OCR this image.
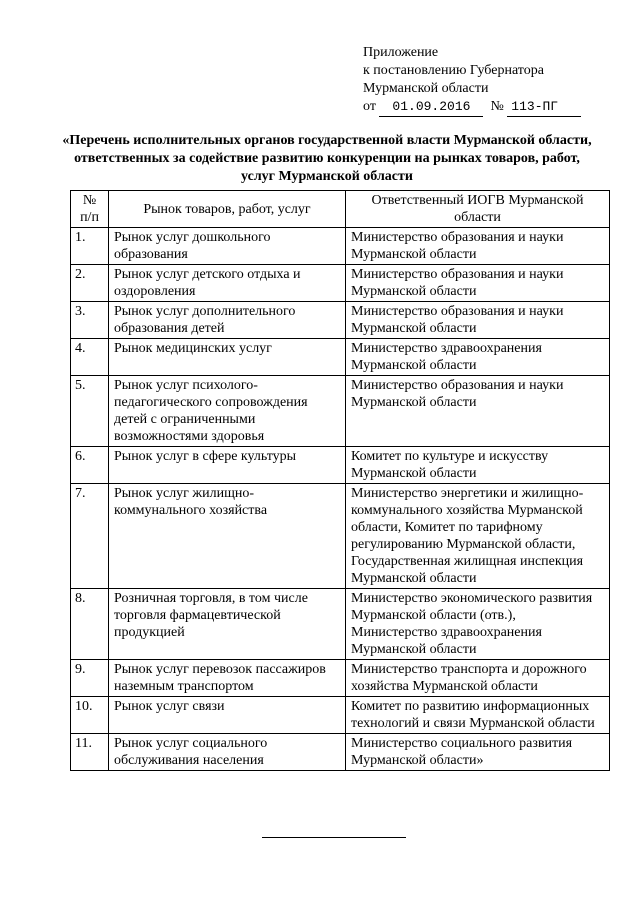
Приложение
к постановлению Губернатора
Мурманской области
от 01.09.2016 № 113-ПГ
«Перечень исполнительных органов государственной власти Мурманской области, ответственных за содействие развитию конкуренции на рынках товаров, работ, услуг Мурманской области
№ п/п	Рынок товаров, работ, услуг	Ответственный ИОГВ Мурманской области
1.	Рынок услуг дошкольного образования	Министерство образования и науки Мурманской области
2.	Рынок услуг детского отдыха и оздоровления	Министерство образования и науки Мурманской области
3.	Рынок услуг дополнительного образования детей	Министерство образования и науки Мурманской области
4.	Рынок медицинских услуг	Министерство здравоохранения Мурманской области
5.	Рынок услуг психолого-педагогического сопровождения детей с ограниченными возможностями здоровья	Министерство образования и науки Мурманской области
6.	Рынок услуг в сфере культуры	Комитет по культуре и искусству Мурманской области
7.	Рынок услуг жилищно-коммунального хозяйства	Министерство энергетики и жилищно-коммунального хозяйства Мурманской области, Комитет по тарифному регулированию Мурманской области, Государственная жилищная инспекция Мурманской области
8.	Розничная торговля, в том числе торговля фармацевтической продукцией	Министерство экономического развития Мурманской области (отв.), Министерство здравоохранения Мурманской области
9.	Рынок услуг перевозок пассажиров наземным транспортом	Министерство транспорта и дорожного хозяйства Мурманской области
10.	Рынок услуг связи	Комитет по развитию информационных технологий и связи Мурманской области
11.	Рынок услуг социального обслуживания населения	Министерство социального развития Мурманской области»
